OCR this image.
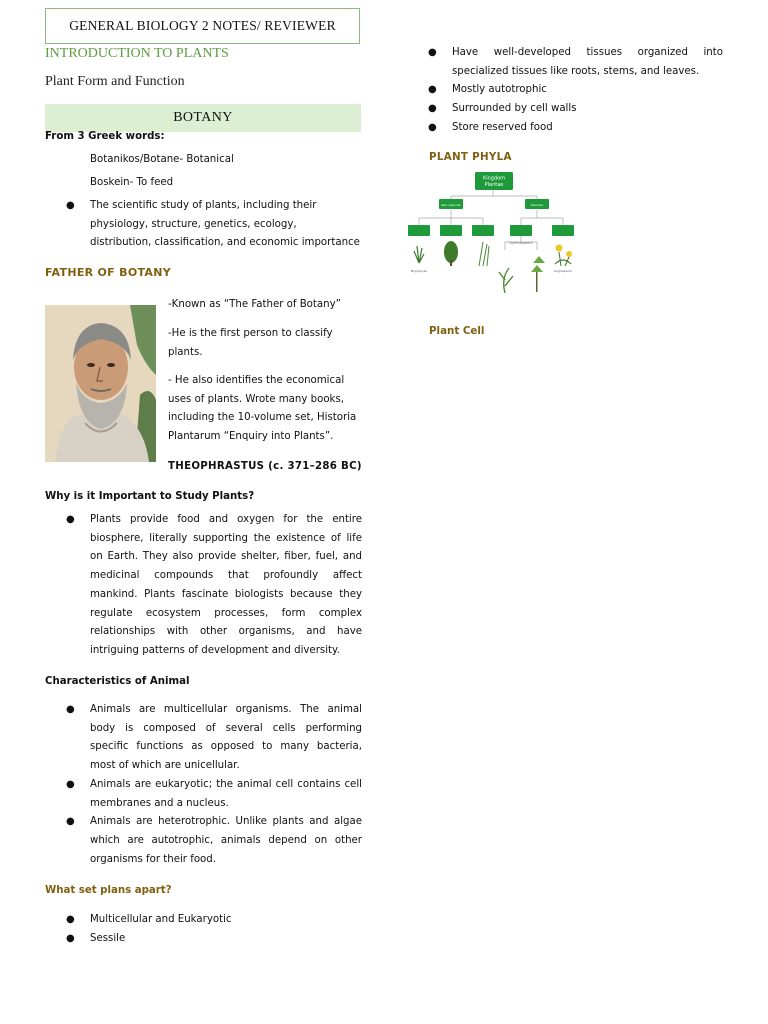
GENERAL BIOLOGY 2 NOTES/ REVIEWER
INTRODUCTION TO PLANTS
Plant Form and Function
BOTANY
From 3 Greek words:
Botanikos/Botane- Botanical
Boskein- To feed
● The scientific study of plants, including their physiology, structure, genetics, ecology, distribution, classification, and economic importance
FATHER OF BOTANY
-Known as “The Father of Botany”
-He is the first person to classify plants.
- He also identifies the economical uses of plants. Wrote many books, including the 10-volume set, Historia Plantarum “Enquiry into Plants”.
THEOPHRASTUS (c. 371–286 BC)
Why is it Important to Study Plants?
● Plants provide food and oxygen for the entire biosphere, literally supporting the existence of life on Earth. They also provide shelter, fiber, fuel, and medicinal compounds that profoundly affect mankind. Plants fascinate biologists because they regulate ecosystem processes, form complex relationships with other organisms, and have intriguing patterns of development and diversity.
Characteristics of Animal
● Animals are multicellular organisms. The animal body is composed of several cells performing specific functions as opposed to many bacteria, most of which are unicellular.
● Animals are eukaryotic; the animal cell contains cell membranes and a nucleus.
● Animals are heterotrophic. Unlike plants and algae which are autotrophic, animals depend on other organisms for their food.
What set plans apart?
● Multicellular and Eukaryotic
● Sessile
● Have well-developed tissues organized into specialized tissues like roots, stems, and leaves.
● Mostly autotrophic
● Surrounded by cell walls
● Store reserved food
PLANT PHYLA
Kingdom
Plantae
Non-vascular	Vascular
Gymnosperm
Bryophyta	Angiosperm
Plant Cell
